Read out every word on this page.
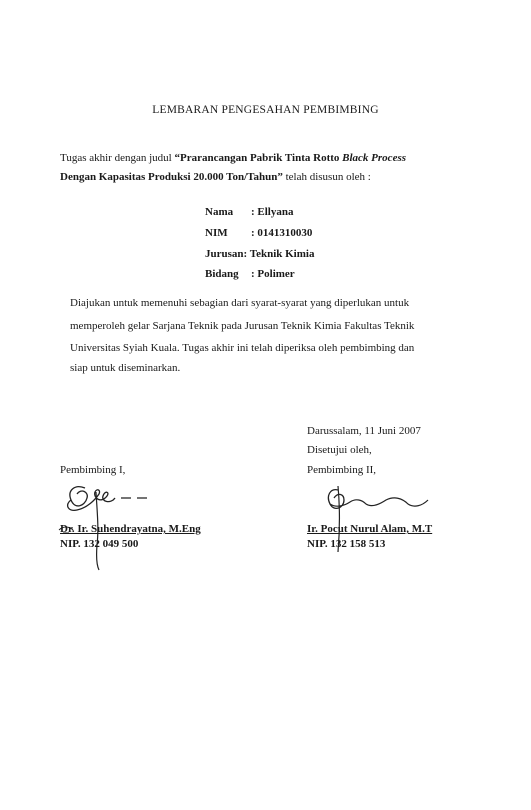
LEMBARAN PENGESAHAN PEMBIMBING
Tugas akhir dengan judul “Prarancangan Pabrik Tinta Rotto Black Process
Dengan Kapasitas Produksi 20.000 Ton/Tahun” telah disusun oleh :
Nama : Ellyana
NIM : 0141310030
Jurusan: Teknik Kimia
Bidang : Polimer
Diajukan untuk memenuhi sebagian dari syarat-syarat yang diperlukan untuk
memperoleh gelar Sarjana Teknik pada Jurusan Teknik Kimia Fakultas Teknik
Universitas Syiah Kuala. Tugas akhir ini telah diperiksa oleh pembimbing dan
siap untuk diseminarkan.
Darussalam, 11 Juni 2007
Disetujui oleh,
Pembimbing I,	Pembimbing II,
Dr. Ir. Suhendrayatna, M.Eng
NIP. 132 049 500
Ir. Pocut Nurul Alam, M.T
NIP. 132 158 513
